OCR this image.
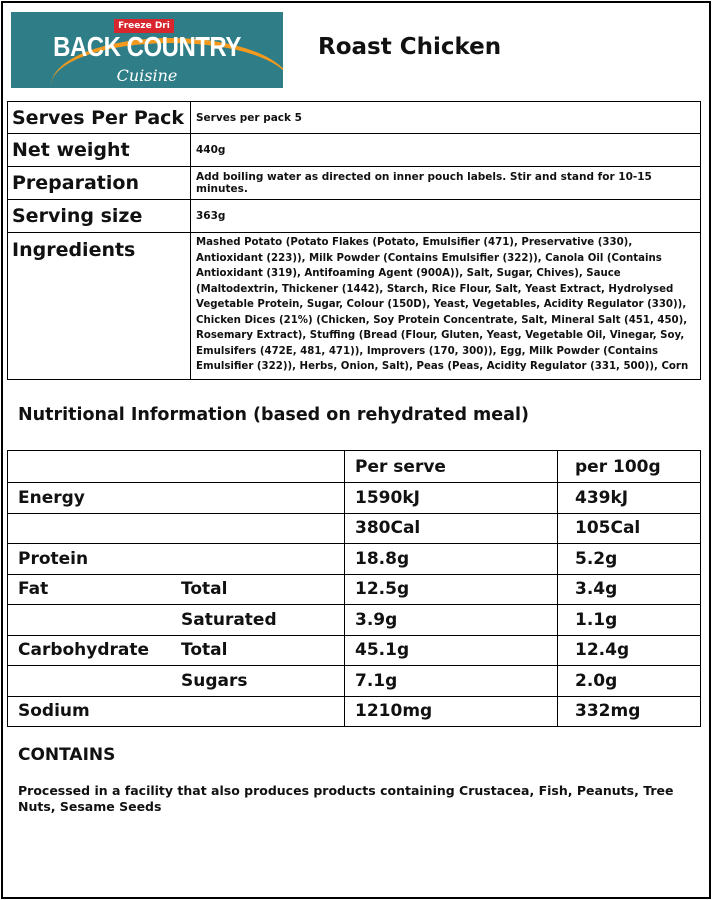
Freeze Dri
BACK COUNTRY
Cuisine
Roast Chicken
Serves Per Pack	Serves per pack 5
Net weight	440g
Preparation	Add boiling water as directed on inner pouch labels. Stir and stand for 10-15 minutes.
Serving size	363g
Ingredients	Mashed Potato (Potato Flakes (Potato, Emulsifier (471), Preservative (330), Antioxidant (223)), Milk Powder (Contains Emulsifier (322)), Canola Oil (Contains Antioxidant (319), Antifoaming Agent (900A)), Salt, Sugar, Chives), Sauce (Maltodextrin, Thickener (1442), Starch, Rice Flour, Salt, Yeast Extract, Hydrolysed Vegetable Protein, Sugar, Colour (150D), Yeast, Vegetables, Acidity Regulator (330)), Chicken Dices (21%) (Chicken, Soy Protein Concentrate, Salt, Mineral Salt (451, 450), Rosemary Extract), Stuffing (Bread (Flour, Gluten, Yeast, Vegetable Oil, Vinegar, Soy, Emulsifers (472E, 481, 471)), Improvers (170, 300)), Egg, Milk Powder (Contains Emulsifier (322)), Herbs, Onion, Salt), Peas (Peas, Acidity Regulator (331, 500)), Corn
Nutritional Information (based on rehydrated meal)
		Per serve	per 100g
Energy		1590kJ	439kJ
		380Cal	105Cal
Protein		18.8g	5.2g
Fat	Total	12.5g	3.4g
	Saturated	3.9g	1.1g
Carbohydrate	Total	45.1g	12.4g
	Sugars	7.1g	2.0g
Sodium		1210mg	332mg
CONTAINS
Processed in a facility that also produces products containing Crustacea, Fish, Peanuts, Tree Nuts, Sesame Seeds
